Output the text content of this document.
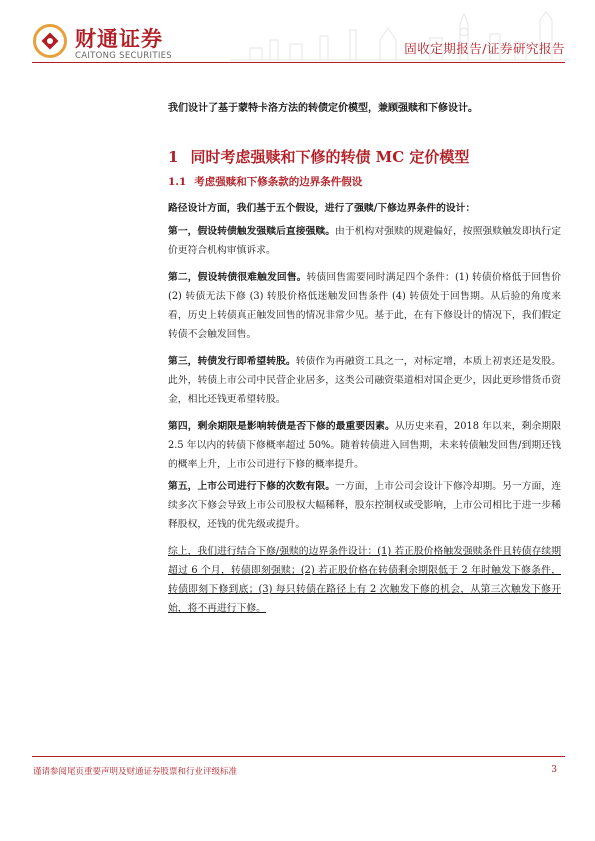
财通证券
CAITONG SECURITIES	固收定期报告/证券研究报告
我们设计了基于蒙特卡洛方法的转债定价模型，兼顾强赎和下修设计。
1 同时考虑强赎和下修的转债 MC 定价模型
1.1 考虑强赎和下修条款的边界条件假设
路径设计方面，我们基于五个假设，进行了强赎/下修边界条件的设计：
第一，假设转债触发强赎后直接强赎。由于机构对强赎的规避偏好，按照强赎触发即执行定价更符合机构审慎诉求。
第二，假设转债很难触发回售。转债回售需要同时满足四个条件：(1) 转债价格低于回售价 (2) 转债无法下修 (3) 转股价格低迷触发回售条件 (4) 转债处于回售期。从后验的角度来看，历史上转债真正触发回售的情况非常少见。基于此，在有下修设计的情况下，我们假定转债不会触发回售。
第三，转债发行即希望转股。转债作为再融资工具之一，对标定增，本质上初衷还是发股。此外，转债上市公司中民营企业居多，这类公司融资渠道相对国企更少，因此更珍惜货币资金，相比还钱更希望转股。
第四，剩余期限是影响转债是否下修的最重要因素。从历史来看，2018 年以来，剩余期限 2.5 年以内的转债下修概率超过 50%。随着转债进入回售期，未来转债触发回售/到期还钱的概率上升，上市公司进行下修的概率提升。
第五，上市公司进行下修的次数有限。一方面，上市公司会设计下修冷却期。另一方面，连续多次下修会导致上市公司股权大幅稀释，股东控制权或受影响，上市公司相比于进一步稀释股权，还钱的优先级或提升。
综上，我们进行结合下修/强赎的边界条件设计：(1) 若正股价格触发强赎条件且转债存续期超过 6 个月，转债即刻强赎；(2) 若正股价格在转债剩余期限低于 2 年时触发下修条件，转债即刻下修到底；(3) 每只转债在路径上有 2 次触发下修的机会，从第三次触发下修开始，将不再进行下修。
谨请参阅尾页重要声明及财通证券股票和行业评级标准	3
